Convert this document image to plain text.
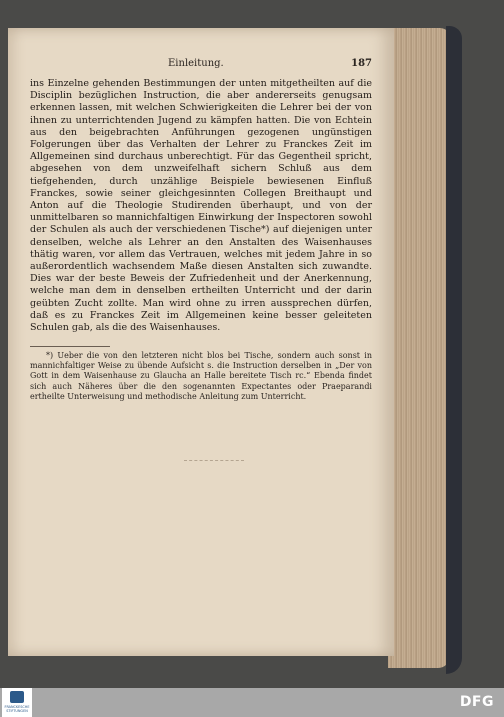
Einleitung.	187
ins Einzelne gehenden Bestimmungen der unten mitgetheilten auf die Disciplin bezüglichen Instruction, die aber andererseits genugsam erkennen lassen, mit welchen Schwierigkeiten die Lehrer bei der von ihnen zu unterrichtenden Jugend zu kämpfen hatten. Die von Echtein aus den beigebrachten Anführungen gezogenen ungünstigen Folgerungen über das Verhalten der Lehrer zu Franckes Zeit im Allgemeinen sind durchaus unberechtigt. Für das Gegentheil spricht, abgesehen von dem unzweifelhaft sichern Schluß aus dem tiefgehenden, durch unzählige Beispiele bewiesenen Einfluß Franckes, sowie seiner gleichgesinnten Collegen Breithaupt und Anton auf die Theologie Studirenden überhaupt, und von der unmittelbaren so mannichfaltigen Einwirkung der Inspectoren sowohl der Schulen als auch der verschiedenen Tische*) auf diejenigen unter denselben, welche als Lehrer an den Anstalten des Waisenhauses thätig waren, vor allem das Vertrauen, welches mit jedem Jahre in so außerordentlich wachsendem Maße diesen Anstalten sich zuwandte. Dies war der beste Beweis der Zufriedenheit und der Anerkennung, welche man dem in denselben ertheilten Unterricht und der darin geübten Zucht zollte. Man wird ohne zu irren aussprechen dürfen, daß es zu Franckes Zeit im Allgemeinen keine besser geleiteten Schulen gab, als die des Waisenhauses.
*) Ueber die von den letzteren nicht blos bei Tische, sondern auch sonst in mannichfaltiger Weise zu übende Aufsicht s. die Instruction derselben in „Der von Gott in dem Waisenhause zu Glaucha an Halle bereitete Tisch rc.“ Ebenda findet sich auch Näheres über die den sogenannten Expectantes oder Praeparandi ertheilte Unterweisung und methodische Anleitung zum Unterricht.
FRANCKESCHE STIFTUNGEN
DFG
